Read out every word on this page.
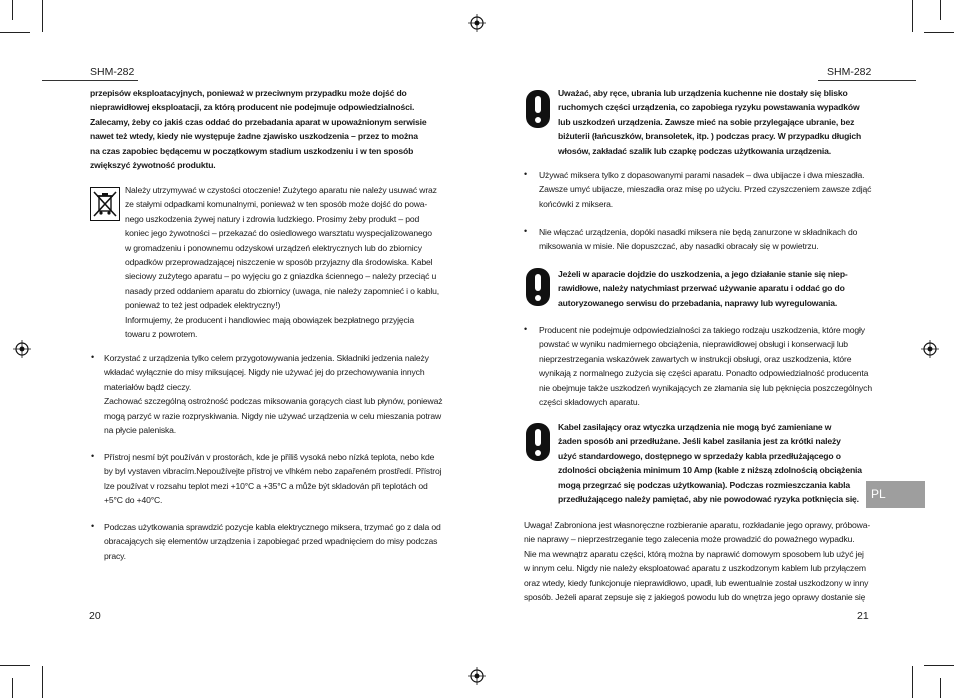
SHM-282	SHM-282
przepisów eksploatacyjnych, ponieważ w przeciwnym przypadku może dojść do
nieprawidłowej eksploatacji, za którą producent nie podejmuje odpowiedzialności.
Zalecamy, żeby co jakiś czas oddać do przebadania aparat w upoważnionym serwisie
nawet też wtedy, kiedy nie występuje żadne zjawisko uszkodzenia – przez to można
na czas zapobiec będącemu w początkowym stadium uszkodzeniu i w ten sposób
zwiększyć żywotność produktu.
Należy utrzymywać w czystości otoczenie! Zużytego aparatu nie należy usuwać wraz
ze stałymi odpadkami komunalnymi, ponieważ w ten sposób może dojść do powa-
nego uszkodzenia żywej natury i zdrowia ludzkiego. Prosimy żeby produkt – pod
koniec jego żywotności – przekazać do osiedlowego warsztatu wyspecjalizowanego
w gromadzeniu i ponownemu odzyskowi urządzeń elektrycznych lub do zbiornicy
odpadków przeprowadzającej niszczenie w sposób przyjazny dla środowiska. Kabel
sieciowy zużytego aparatu – po wyjęciu go z gniazdka ściennego – należy przeciąć u
nasady przed oddaniem aparatu do zbiornicy (uwaga, nie należy zapomnieć i o kablu,
ponieważ to też jest odpadek elektryczny!)
Informujemy, że producent i handlowiec mają obowiązek bezpłatnego przyjęcia
towaru z powrotem.
• Korzystać z urządzenia tylko celem przygotowywania jedzenia. Składniki jedzenia należy
wkładać wyłącznie do misy miksującej. Nigdy nie używać jej do przechowywania innych
materiałów bądź cieczy.
Zachować szczególną ostrożność podczas miksowania gorących ciast lub płynów, ponieważ
mogą parzyć w razie rozpryskiwania. Nigdy nie używać urządzenia w celu mieszania potraw
na płycie paleniska.
• Přístroj nesmí být používán v prostorách, kde je příliš vysoká nebo nízká teplota, nebo kde
by byl vystaven vibracím.Nepoužívejte přístroj ve vlhkém nebo zapařeném prostředí. Přístroj
lze používat v rozsahu teplot mezi +10°C a +35°C a může být skladován při teplotách od
+5°C do +40°C.
• Podczas użytkowania sprawdzić pozycje kabla elektrycznego miksera, trzymać go z dala od
obracających się elementów urządzenia i zapobiegać przed wpadnięciem do misy podczas
pracy.
20
Uważać, aby ręce, ubrania lub urządzenia kuchenne nie dostały się blisko
ruchomych części urządzenia, co zapobiega ryzyku powstawania wypadków
lub uszkodzeń urządzenia. Zawsze mieć na sobie przylegające ubranie, bez
biżuterii (łańcuszków, bransoletek, itp. ) podczas pracy. W przypadku długich
włosów, zakładać szalik lub czapkę podczas użytkowania urządzenia.
• Używać miksera tylko z dopasowanymi parami nasadek – dwa ubijacze i dwa mieszadła.
Zawsze umyć ubijacze, mieszadła oraz misę po użyciu. Przed czyszczeniem zawsze zdjąć
końcówki z miksera.
• Nie włączać urządzenia, dopóki nasadki miksera nie będą zanurzone w składnikach do
miksowania w misie. Nie dopuszczać, aby nasadki obracały się w powietrzu.
Jeżeli w aparacie dojdzie do uszkodzenia, a jego działanie stanie się niep-
rawidłowe, należy natychmiast przerwać używanie aparatu i oddać go do
autoryzowanego serwisu do przebadania, naprawy lub wyregulowania.
• Producent nie podejmuje odpowiedzialności za takiego rodzaju uszkodzenia, które mogły
powstać w wyniku nadmiernego obciążenia, nieprawidłowej obsługi i konserwacji lub
nieprzestrzegania wskazówek zawartych w instrukcji obsługi, oraz uszkodzenia, które
wynikają z normalnego zużycia się części aparatu. Ponadto odpowiedzialność producenta
nie obejmuje także uszkodzeń wynikających ze złamania się lub pęknięcia poszczególnych
części składowych aparatu.
Kabel zasilający oraz wtyczka urządzenia nie mogą być zamieniane w
żaden sposób ani przedłużane. Jeśli kabel zasilania jest za krótki należy
użyć standardowego, dostępnego w sprzedaży kabla przedłużającego o
zdolności obciążenia minimum 10 Amp (kable z niższą zdolnością obciążenia
mogą przegrzać się podczas użytkowania). Podczas rozmieszczania kabla
przedłużającego należy pamiętać, aby nie powodować ryzyka potknięcia się.	PL
Uwaga! Zabroniona jest własnoręczne rozbieranie aparatu, rozkładanie jego oprawy, próbowa-
nie naprawy – nieprzestrzeganie tego zalecenia może prowadzić do poważnego wypadku.
Nie ma wewnątrz aparatu części, którą można by naprawić domowym sposobem lub użyć jej
w innym celu. Nigdy nie należy eksploatować aparatu z uszkodzonym kablem lub przyłączem
oraz wtedy, kiedy funkcjonuje nieprawidłowo, upadł, lub ewentualnie został uszkodzony w inny
sposób. Jeżeli aparat zepsuje się z jakiegoś powodu lub do wnętrza jego oprawy dostanie się
21
